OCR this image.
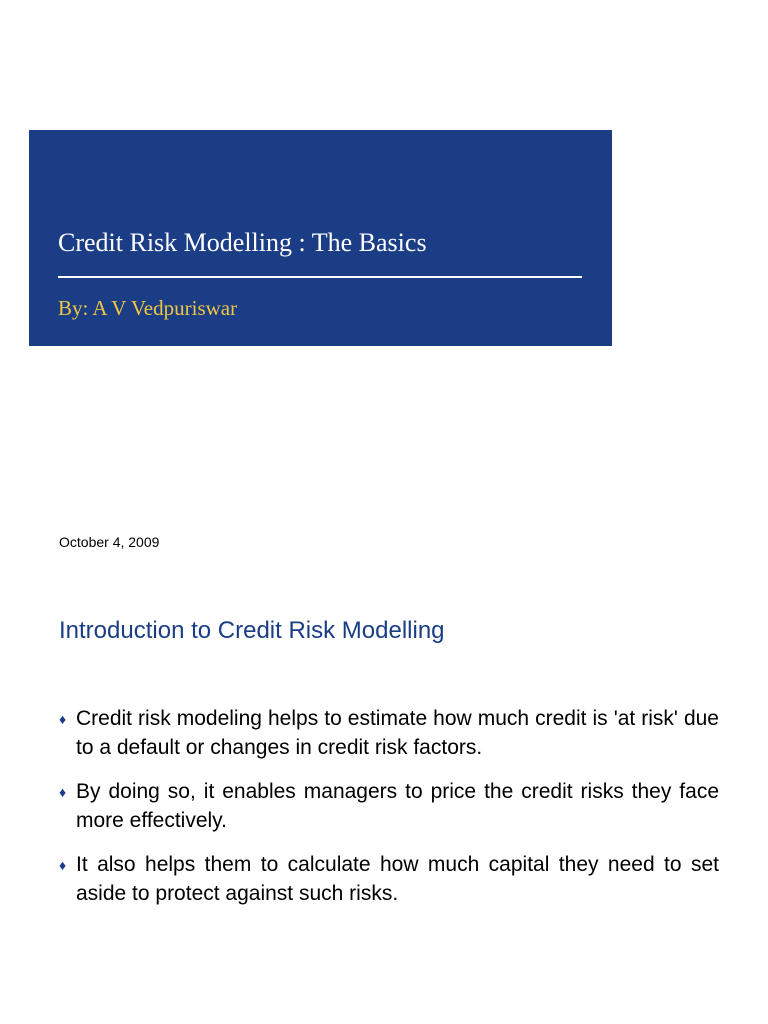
Credit Risk Modelling : The Basics
By: A V Vedpuriswar
October 4, 2009
Introduction to Credit Risk Modelling
♦ Credit risk modeling helps to estimate how much credit is 'at risk' due to a default or changes in credit risk factors.
♦ By doing so, it enables managers to price the credit risks they face more effectively.
♦ It also helps them to calculate how much capital they need to set aside to protect against such risks.
